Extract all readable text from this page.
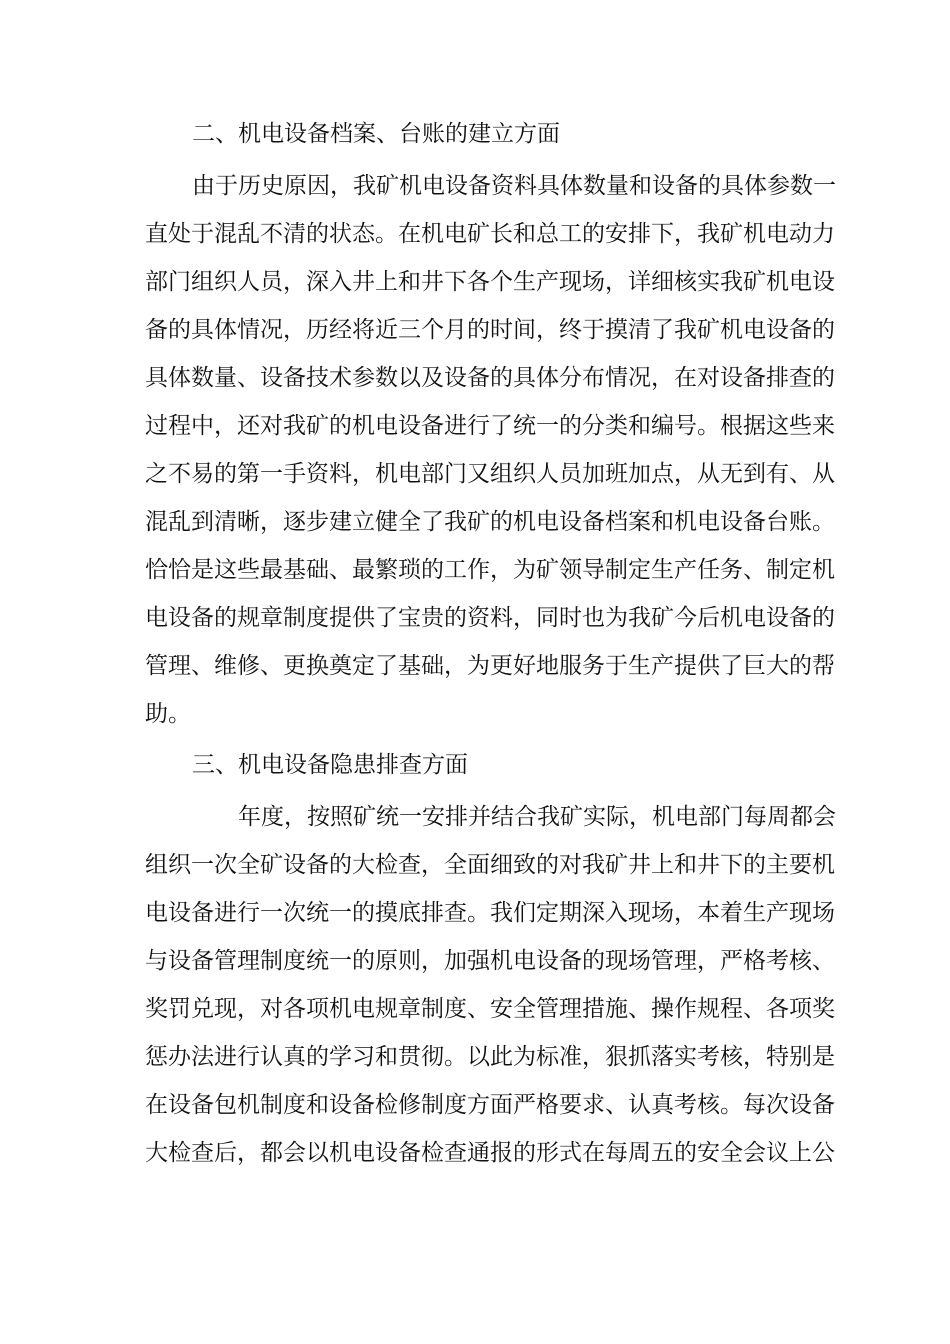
二、机电设备档案、台账的建立方面
由于历史原因，我矿机电设备资料具体数量和设备的具体参数一
直处于混乱不清的状态。在机电矿长和总工的安排下，我矿机电动力
部门组织人员，深入井上和井下各个生产现场，详细核实我矿机电设
备的具体情况，历经将近三个月的时间，终于摸清了我矿机电设备的
具体数量、设备技术参数以及设备的具体分布情况，在对设备排查的
过程中，还对我矿的机电设备进行了统一的分类和编号。根据这些来
之不易的第一手资料，机电部门又组织人员加班加点，从无到有、从
混乱到清晰，逐步建立健全了我矿的机电设备档案和机电设备台账。
恰恰是这些最基础、最繁琐的工作，为矿领导制定生产任务、制定机
电设备的规章制度提供了宝贵的资料，同时也为我矿今后机电设备的
管理、维修、更换奠定了基础，为更好地服务于生产提供了巨大的帮
助。
三、机电设备隐患排查方面
年度，按照矿统一安排并结合我矿实际，机电部门每周都会
组织一次全矿设备的大检查，全面细致的对我矿井上和井下的主要机
电设备进行一次统一的摸底排查。我们定期深入现场，本着生产现场
与设备管理制度统一的原则，加强机电设备的现场管理，严格考核、
奖罚兑现，对各项机电规章制度、安全管理措施、操作规程、各项奖
惩办法进行认真的学习和贯彻。以此为标准，狠抓落实考核，特别是
在设备包机制度和设备检修制度方面严格要求、认真考核。每次设备
大检查后，都会以机电设备检查通报的形式在每周五的安全会议上公
